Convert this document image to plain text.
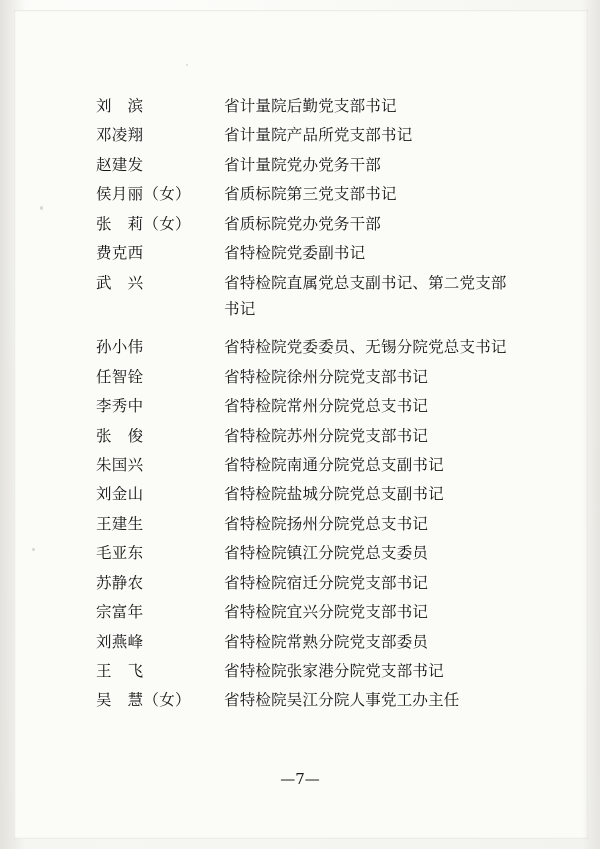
刘　滨	省计量院后勤党支部书记
邓凌翔	省计量院产品所党支部书记
赵建发	省计量院党办党务干部
侯月丽（女）	省质标院第三党支部书记
张　莉（女）	省质标院党办党务干部
费克西	省特检院党委副书记
武　兴	省特检院直属党总支副书记、第二党支部
书记
孙小伟	省特检院党委委员、无锡分院党总支书记
任智铨	省特检院徐州分院党支部书记
李秀中	省特检院常州分院党总支书记
张　俊	省特检院苏州分院党支部书记
朱国兴	省特检院南通分院党总支副书记
刘金山	省特检院盐城分院党总支副书记
王建生	省特检院扬州分院党总支书记
毛亚东	省特检院镇江分院党总支委员
苏静农	省特检院宿迁分院党支部书记
宗富年	省特检院宜兴分院党支部书记
刘燕峰	省特检院常熟分院党支部委员
王　飞	省特检院张家港分院党支部书记
吴　慧（女）	省特检院吴江分院人事党工办主任
—7—
